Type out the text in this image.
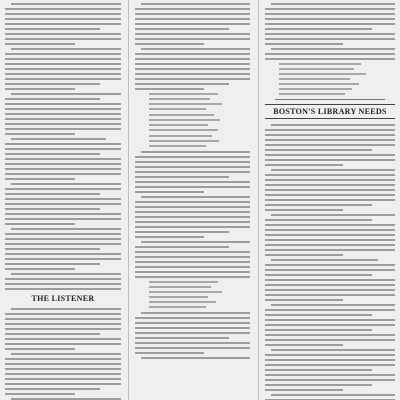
THE LISTENER
BOSTON'S LIBRARY NEEDS
